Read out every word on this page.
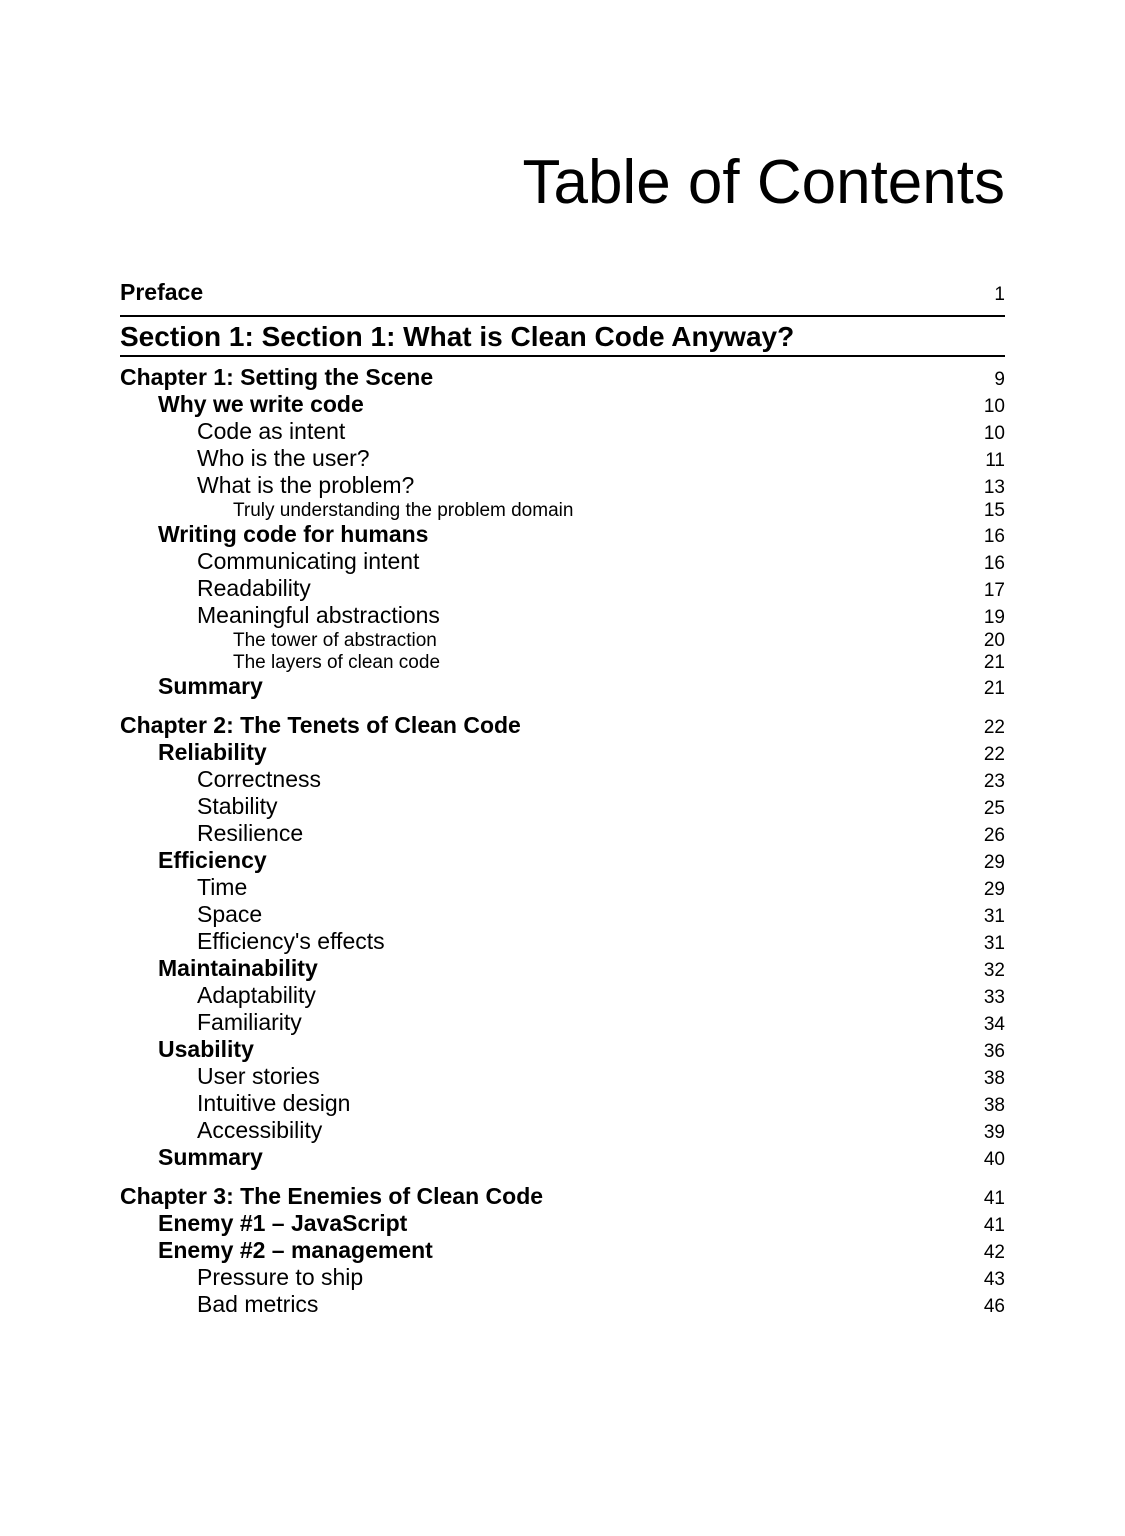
Table of Contents
Preface	1
Section 1: Section 1: What is Clean Code Anyway?
Chapter 1: Setting the Scene	9
Why we write code	10
Code as intent	10
Who is the user?	11
What is the problem?	13
Truly understanding the problem domain	15
Writing code for humans	16
Communicating intent	16
Readability	17
Meaningful abstractions	19
The tower of abstraction	20
The layers of clean code	21
Summary	21
Chapter 2: The Tenets of Clean Code	22
Reliability	22
Correctness	23
Stability	25
Resilience	26
Efficiency	29
Time	29
Space	31
Efficiency's effects	31
Maintainability	32
Adaptability	33
Familiarity	34
Usability	36
User stories	38
Intuitive design	38
Accessibility	39
Summary	40
Chapter 3: The Enemies of Clean Code	41
Enemy #1 – JavaScript	41
Enemy #2 – management	42
Pressure to ship	43
Bad metrics	46
